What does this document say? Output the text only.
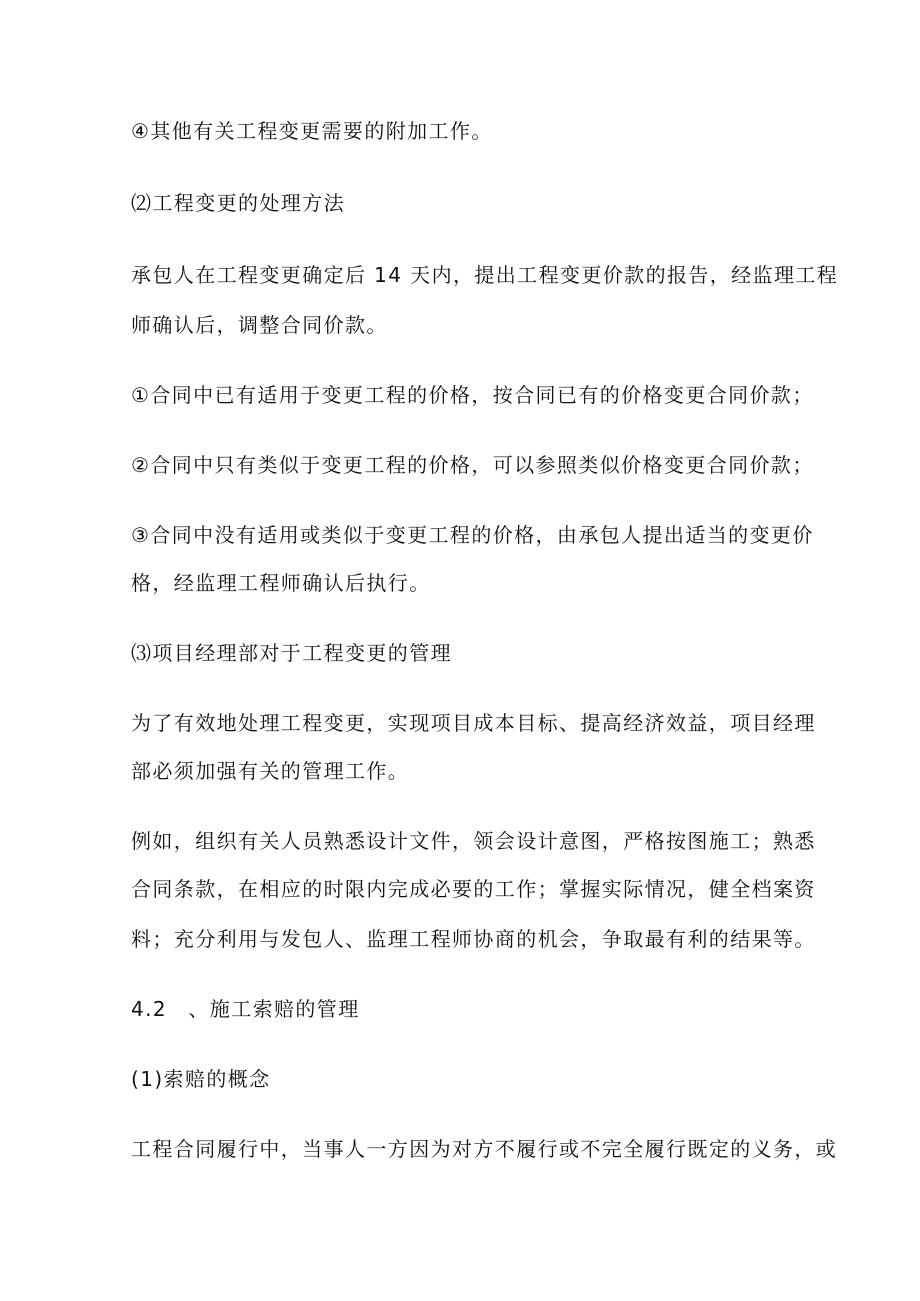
④其他有关工程变更需要的附加工作。

⑵工程变更的处理方法

承包人在工程变更确定后 14 天内，提出工程变更价款的报告，经监理工程

师确认后，调整合同价款。

①合同中已有适用于变更工程的价格，按合同已有的价格变更合同价款；

②合同中只有类似于变更工程的价格，可以参照类似价格变更合同价款；

③合同中没有适用或类似于变更工程的价格，由承包人提出适当的变更价

格，经监理工程师确认后执行。

⑶项目经理部对于工程变更的管理

为了有效地处理工程变更，实现项目成本目标、提高经济效益，项目经理

部必须加强有关的管理工作。

例如，组织有关人员熟悉设计文件，领会设计意图，严格按图施工；熟悉

合同条款，在相应的时限内完成必要的工作；掌握实际情况，健全档案资

料；充分利用与发包人、监理工程师协商的机会，争取最有利的结果等。

4.2　、施工索赔的管理

(1)索赔的概念

工程合同履行中，当事人一方因为对方不履行或不完全履行既定的义务，或
